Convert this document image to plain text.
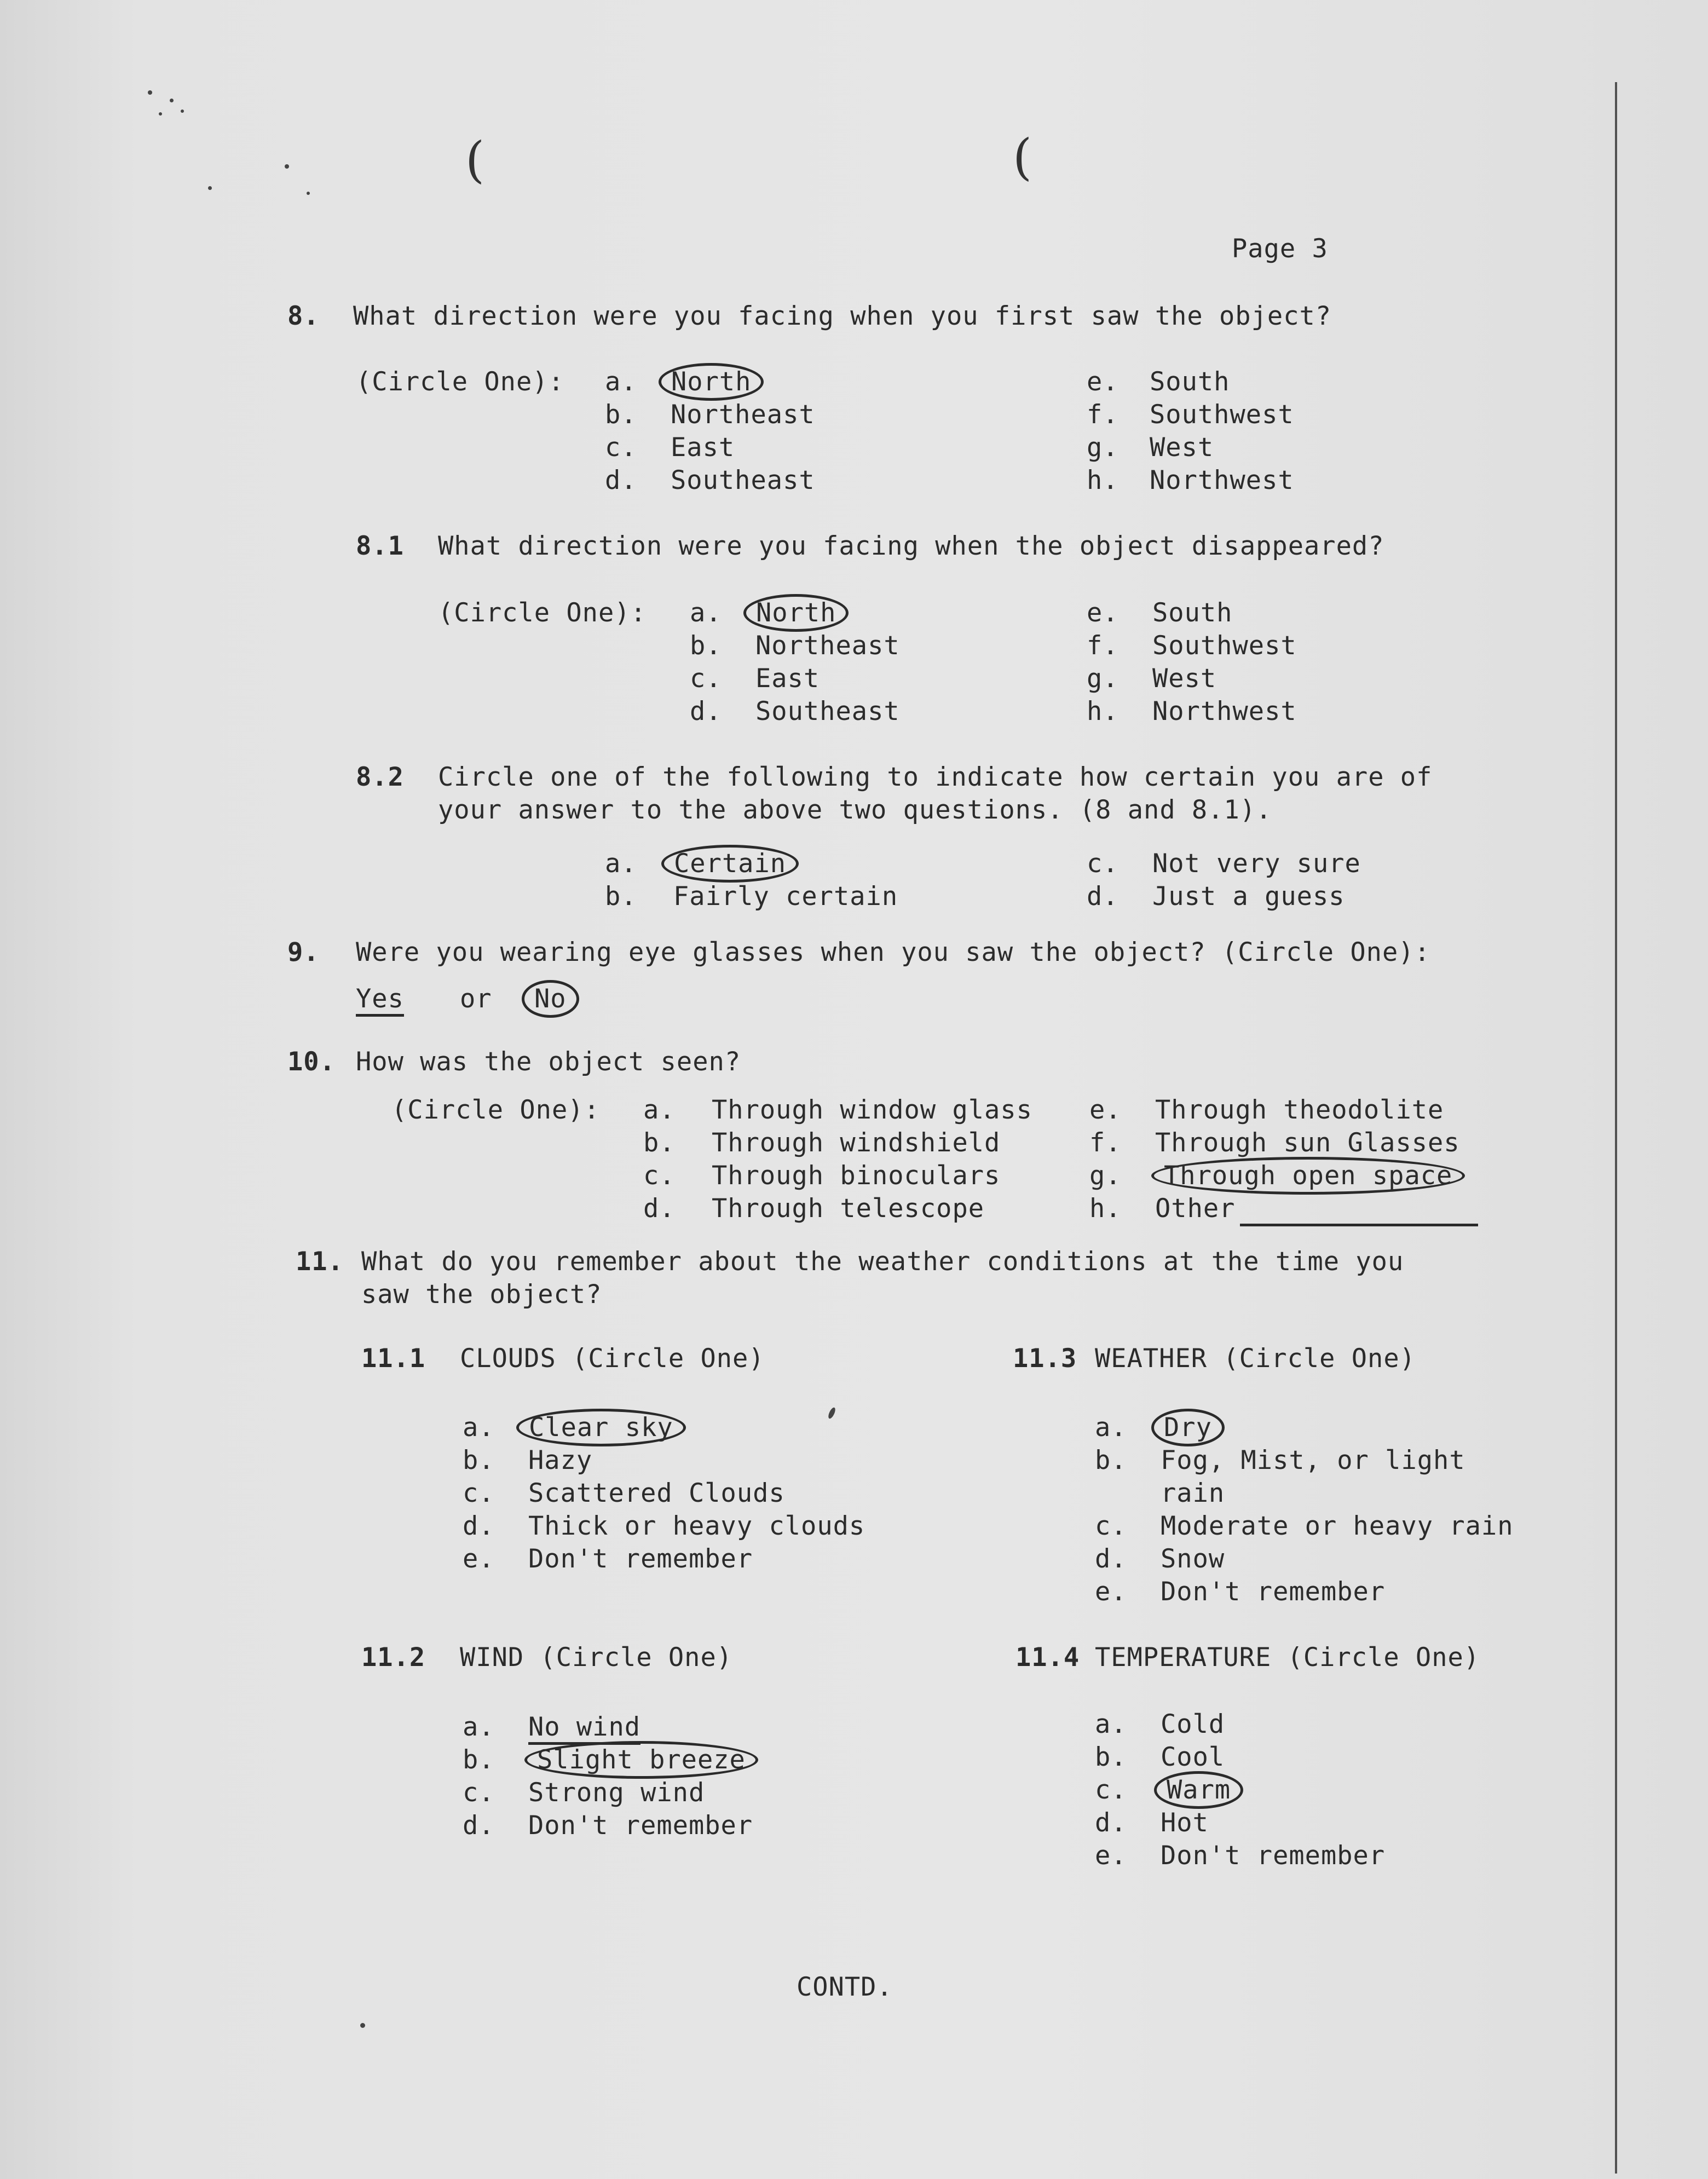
(	(
Page 3
8. What direction were you facing when you first saw the object?
(Circle One): a. North
b. Northeast
c. East
d. Southeast
e. South
f. Southwest
g. West
h. Northwest
8.1 What direction were you facing when the object disappeared?
(Circle One): a. North
b. Northeast
c. East
d. Southeast
e. South
f. Southwest
g. West
h. Northwest
8.2 Circle one of the following to indicate how certain you are of
your answer to the above two questions. (8 and 8.1).
a. Certain
b. Fairly certain
c. Not very sure
d. Just a guess
9. Were you wearing eye glasses when you saw the object? (Circle One):
Yes or No
10. How was the object seen?
(Circle One): a. Through window glass
b. Through windshield
c. Through binoculars
d. Through telescope
e. Through theodolite
f. Through sun Glasses
g. Through open space
h. Other
11. What do you remember about the weather conditions at the time you
saw the object?
11.1 CLOUDS (Circle One)
a. Clear sky
b. Hazy
c. Scattered Clouds
d. Thick or heavy clouds
e. Don't remember
11.3 WEATHER (Circle One)
a. Dry
b. Fog, Mist, or light
rain
c. Moderate or heavy rain
d. Snow
e. Don't remember
11.2 WIND (Circle One)
a. No wind
b. Slight breeze
c. Strong wind
d. Don't remember
11.4 TEMPERATURE (Circle One)
a. Cold
b. Cool
c. Warm
d. Hot
e. Don't remember
CONTD.
